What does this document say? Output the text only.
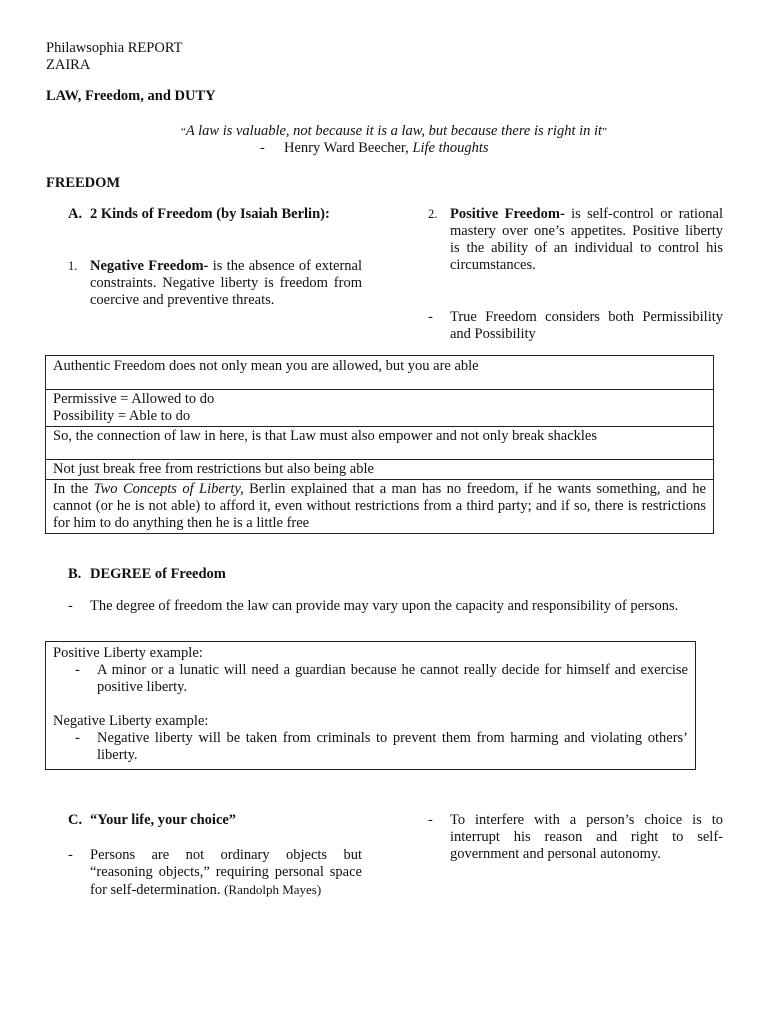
Philawsophia REPORT
ZAIRA
LAW, Freedom, and DUTY
“A law is valuable, not because it is a law, but because there is right in it”
- Henry Ward Beecher, Life thoughts
FREEDOM
A. 2 Kinds of Freedom (by Isaiah Berlin):
1. Negative Freedom- is the absence of external constraints. Negative liberty is freedom from coercive and preventive threats.
2. Positive Freedom- is self-control or rational mastery over one’s appetites. Positive liberty is the ability of an individual to control his circumstances.
-	True Freedom considers both Permissibility and Possibility
Authentic Freedom does not only mean you are allowed, but you are able
Permissive = Allowed to do
Possibility = Able to do
So, the connection of law in here, is that Law must also empower and not only break shackles
Not just break free from restrictions but also being able
In the Two Concepts of Liberty, Berlin explained that a man has no freedom, if he wants something, and he cannot (or he is not able) to afford it, even without restrictions from a third party; and if so, there is restrictions for him to do anything then he is a little free
B. DEGREE of Freedom
-	The degree of freedom the law can provide may vary upon the capacity and responsibility of persons.
Positive Liberty example:
-	A minor or a lunatic will need a guardian because he cannot really decide for himself and exercise positive liberty.
Negative Liberty example:
-	Negative liberty will be taken from criminals to prevent them from harming and violating others’ liberty.
C. “Your life, your choice”
-	Persons are not ordinary objects but “reasoning objects,” requiring personal space for self-determination. (Randolph Mayes)
-	To interfere with a person’s choice is to interrupt his reason and right to self-government and personal autonomy.
